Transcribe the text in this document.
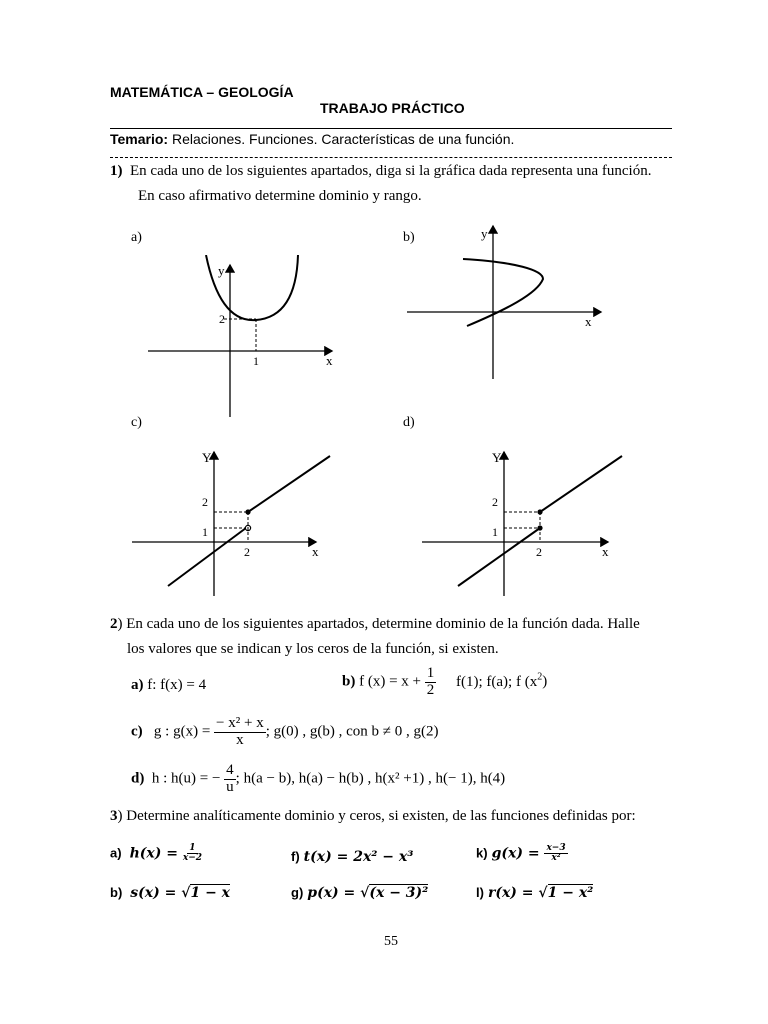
MATEMÁTICA – GEOLOGÍA
TRABAJO PRÁCTICO
Temario: Relaciones. Funciones. Características de una función.
1) En cada uno de los siguientes apartados, diga si la gráfica dada representa una función.
En caso afirmativo determine dominio y rango.
a)	b)
c)	d)
2
1	x
y
x
y
2
1
2	x
Y
2
1
2	x
Y
2) En cada uno de los siguientes apartados, determine dominio de la función dada. Halle
los valores que se indican y los ceros de la función, si existen.
a) f: f(x) = 4	b) f $(x) = x + \frac{1}{2} f(1)$; f(a); f $(x^2)$
c) g : $g(x) = \frac{\text{− x² + x}}{x}$ ; g(0) , g(b) , con b ≠ 0 , g(2)
d) h : h(u) = − $\frac{4}{u}$ ; h(a − b), h(a) − h(b) , h(x² +1) , h(− 1), h(4)
3) Determine analíticamente dominio y ceros, si existen, de las funciones definidas por:
a) $h(x) = \frac{1}{x-2}$	f) t(x) = 2x² − x³	k) $g(x) = \frac{x-3}{\text{x²}}$
b) s(x) = √1 − x	g) p(x) = √(x − 3)²	l) r(x) = √1 − x²
55
